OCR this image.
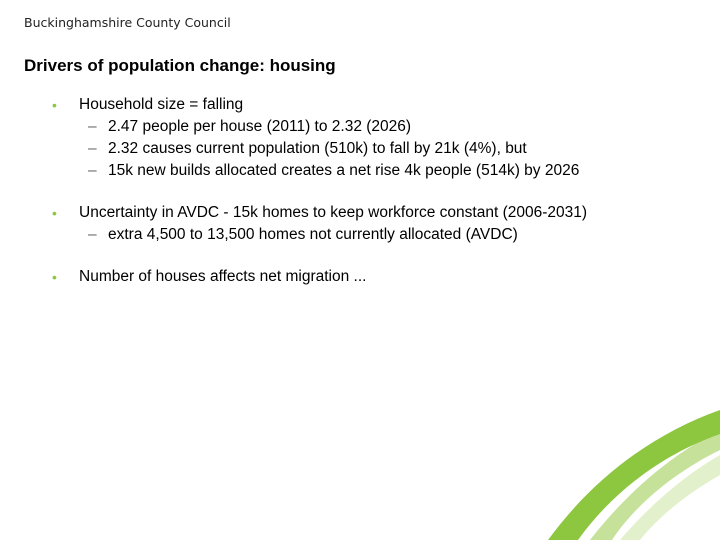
Buckinghamshire County Council
Drivers of population change: housing
• Household size = falling
– 2.47 people per house (2011) to 2.32 (2026)
– 2.32 causes current population (510k) to fall by 21k (4%), but
– 15k new builds allocated creates a net rise 4k people (514k) by 2026
• Uncertainty in AVDC - 15k homes to keep workforce constant (2006-2031)
– extra 4,500 to 13,500 homes not currently allocated (AVDC)
• Number of houses affects net migration ...
